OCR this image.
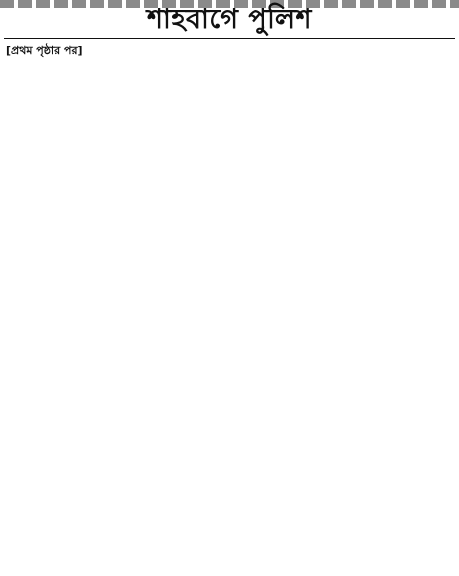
শাহবাগে পুলিশ
[প্রথম পৃষ্ঠার পর]
